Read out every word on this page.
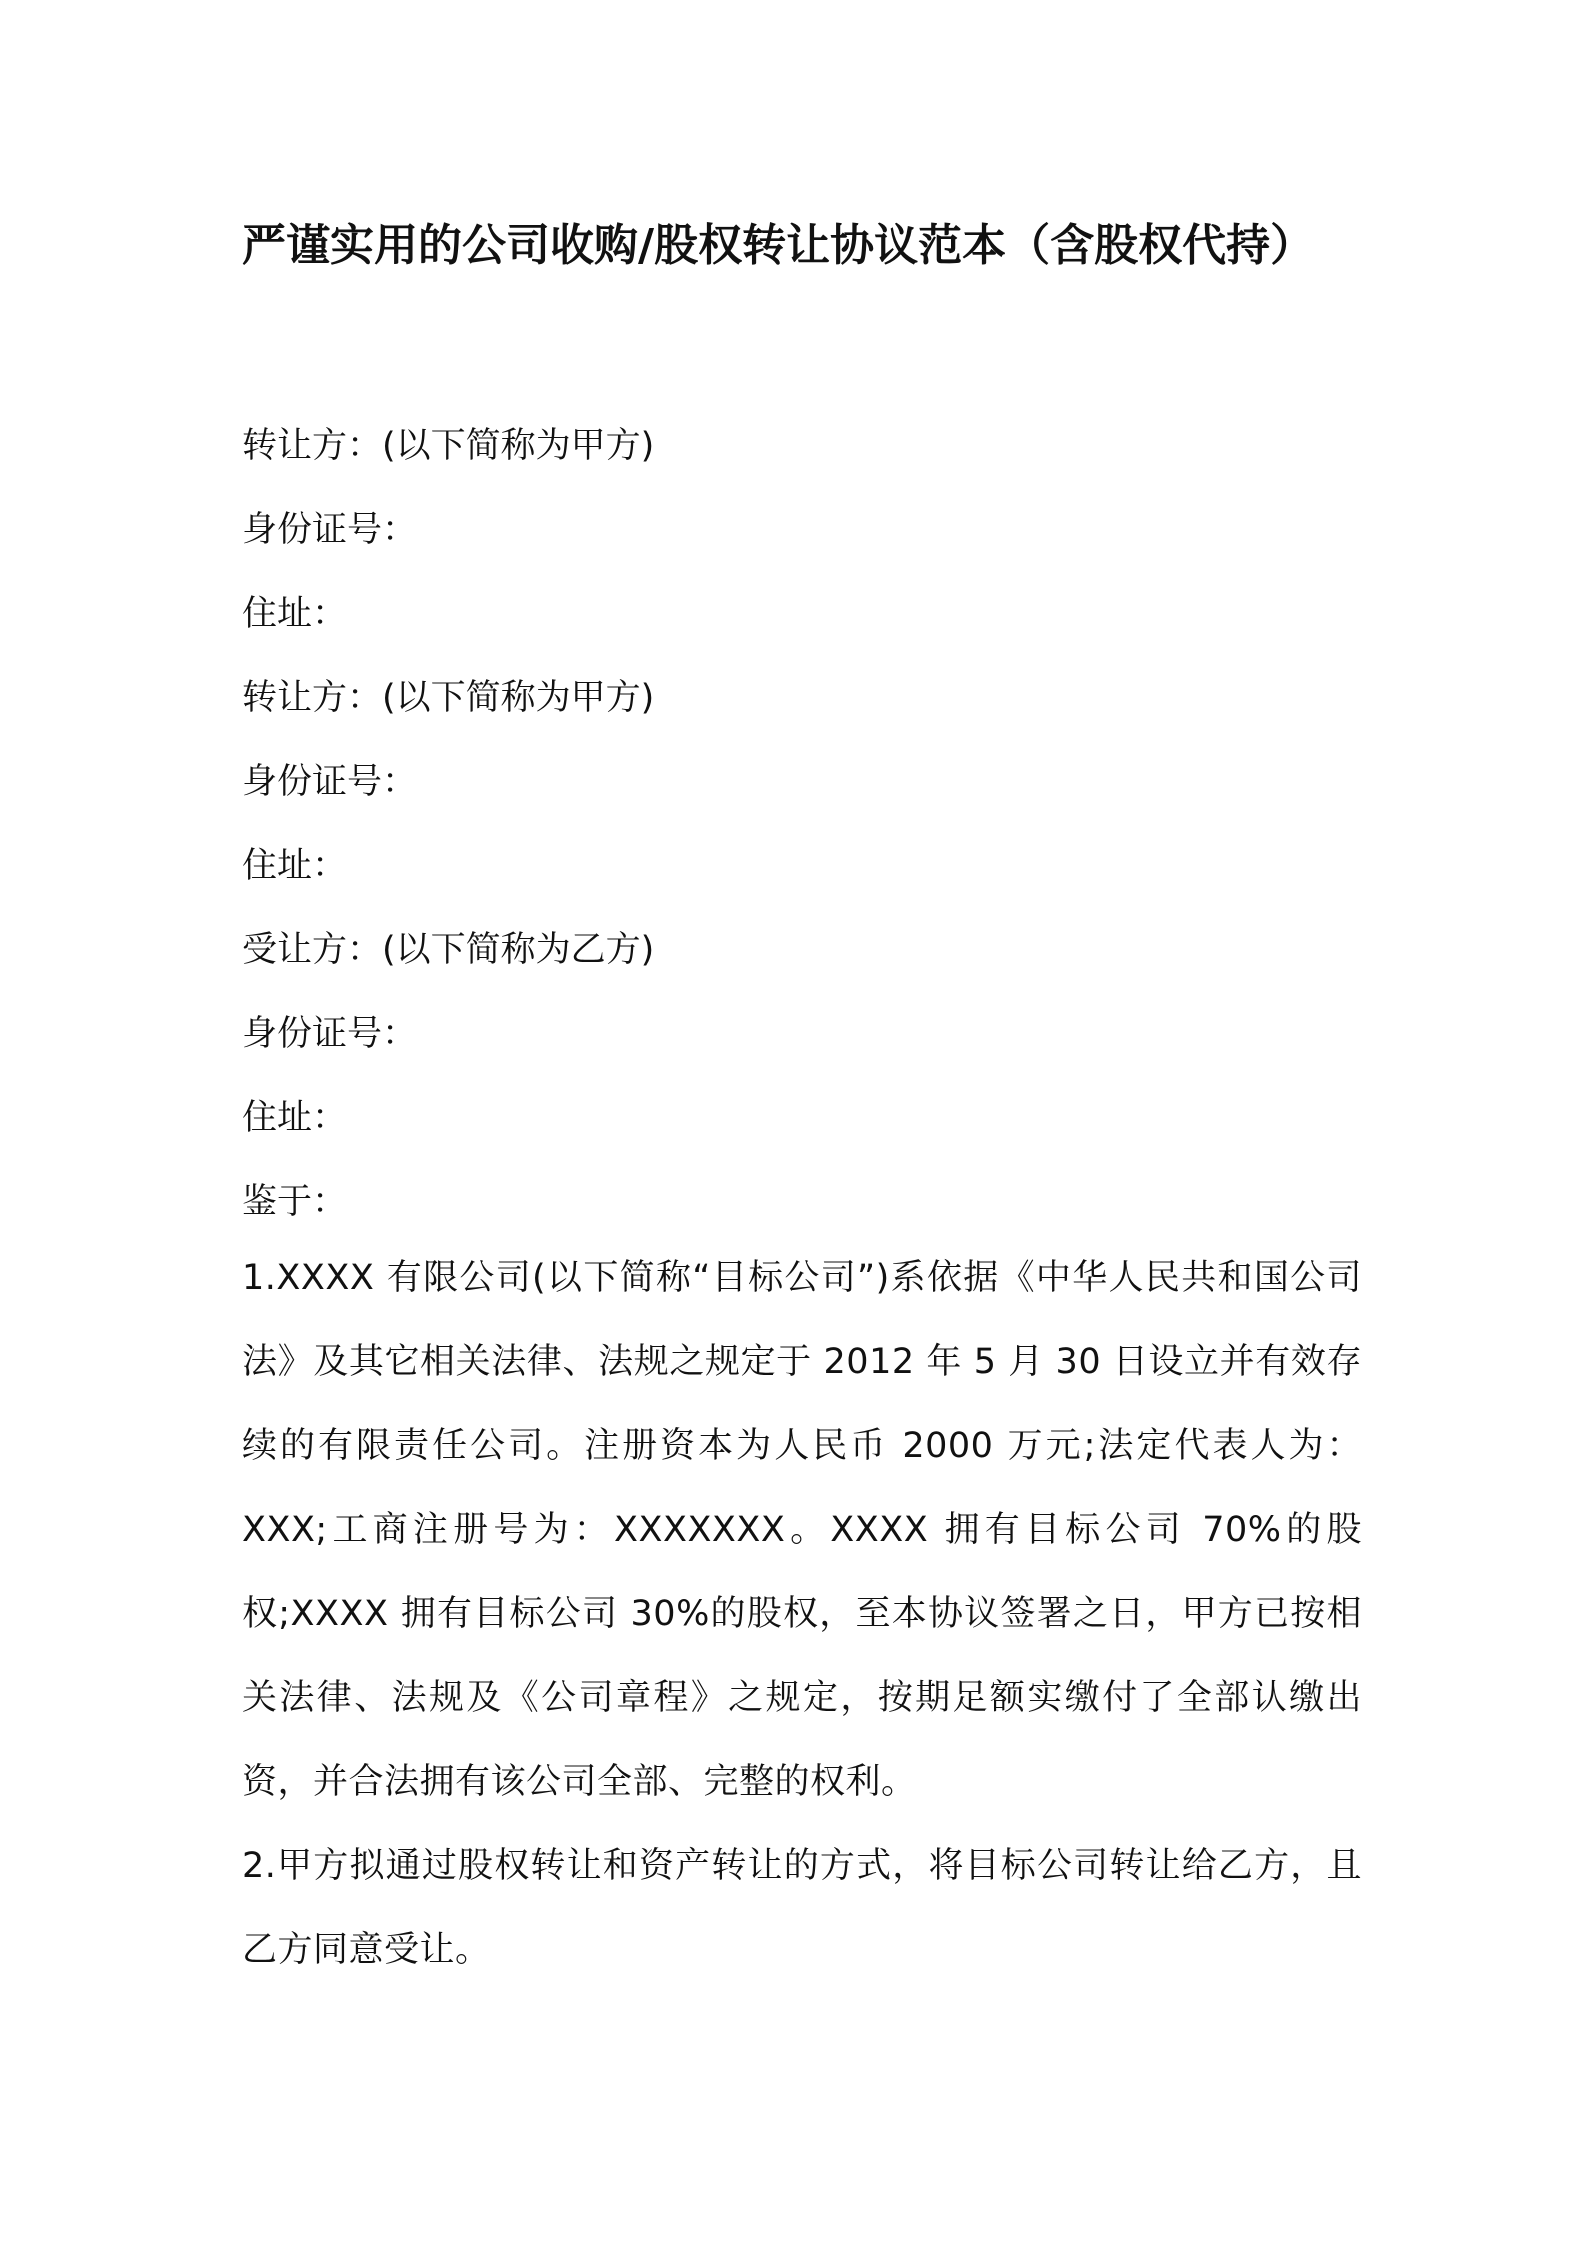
严谨实用的公司收购/股权转让协议范本（含股权代持）

转让方：(以下简称为甲方)

身份证号：

住址：

转让方：(以下简称为甲方)

身份证号：

住址：

受让方：(以下简称为乙方)

身份证号：

住址：

鉴于：

1.XXXX 有限公司(以下简称“目标公司”)系依据《中华人民共和国公司法》及其它相关法律、法规之规定于 2012 年 5 月 30 日设立并有效存续的有限责任公司。注册资本为人民币 2000 万元;法定代表人为：XXX;工商注册号为：XXXXXXX。XXXX 拥有目标公司 70%的股权;XXXX 拥有目标公司 30%的股权，至本协议签署之日，甲方已按相关法律、法规及《公司章程》之规定，按期足额实缴付了全部认缴出资，并合法拥有该公司全部、完整的权利。

2.甲方拟通过股权转让和资产转让的方式，将目标公司转让给乙方，且乙方同意受让。
